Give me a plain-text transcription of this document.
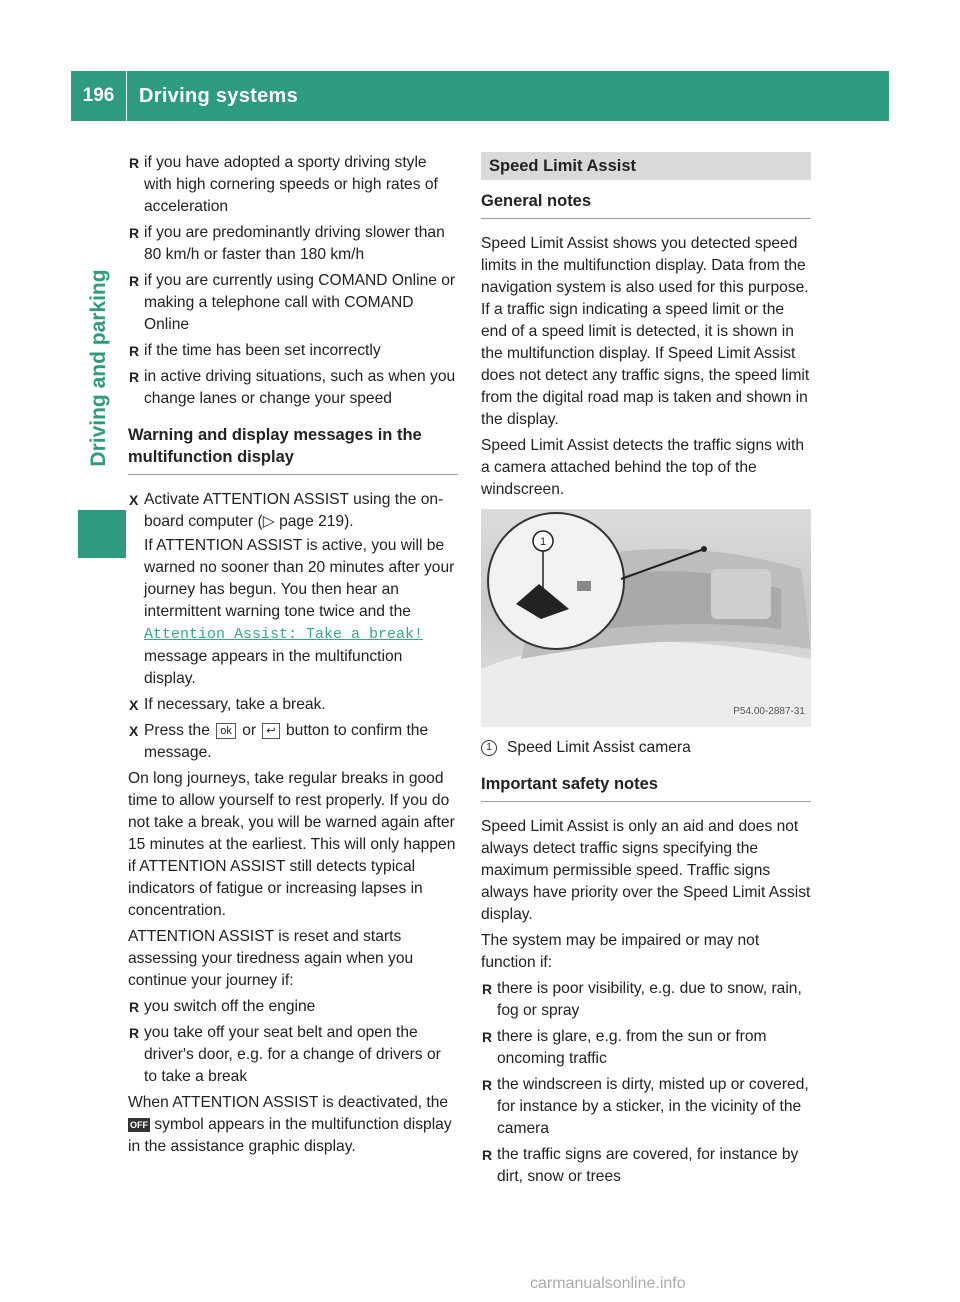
196	Driving systems
Driving and parking
R if you have adopted a sporty driving style with high cornering speeds or high rates of acceleration
R if you are predominantly driving slower than 80 km/h or faster than 180 km/h
R if you are currently using COMAND Online or making a telephone call with COMAND Online
R if the time has been set incorrectly
R in active driving situations, such as when you change lanes or change your speed
Warning and display messages in the multifunction display
X Activate ATTENTION ASSIST using the on-board computer (▷ page 219).
If ATTENTION ASSIST is active, you will be warned no sooner than 20 minutes after your journey has begun. You then hear an intermittent warning tone twice and the
Attention Assist: Take a break!
message appears in the multifunction display.
X If necessary, take a break.
X Press the ok or ↩ button to confirm the message.

On long journeys, take regular breaks in good time to allow yourself to rest properly. If you do not take a break, you will be warned again after 15 minutes at the earliest. This will only happen if ATTENTION ASSIST still detects typical indicators of fatigue or increasing lapses in concentration.

ATTENTION ASSIST is reset and starts assessing your tiredness again when you continue your journey if:

R you switch off the engine
R you take off your seat belt and open the driver's door, e.g. for a change of drivers or to take a break

When ATTENTION ASSIST is deactivated, the OFF symbol appears in the multifunction display in the assistance graphic display.

Speed Limit Assist
General notes

Speed Limit Assist shows you detected speed limits in the multifunction display. Data from the navigation system is also used for this purpose. If a traffic sign indicating a speed limit or the end of a speed limit is detected, it is shown in the multifunction display. If Speed Limit Assist does not detect any traffic signs, the speed limit from the digital road map is taken and shown in the display.

Speed Limit Assist detects the traffic signs with a camera attached behind the top of the windscreen.

1
P54.00-2887-31
1 Speed Limit Assist camera
Important safety notes

Speed Limit Assist is only an aid and does not always detect traffic signs specifying the maximum permissible speed. Traffic signs always have priority over the Speed Limit Assist display.

The system may be impaired or may not function if:

R there is poor visibility, e.g. due to snow, rain, fog or spray
R there is glare, e.g. from the sun or from oncoming traffic
R the windscreen is dirty, misted up or covered, for instance by a sticker, in the vicinity of the camera
R the traffic signs are covered, for instance by dirt, snow or trees
carmanualsonline.info
